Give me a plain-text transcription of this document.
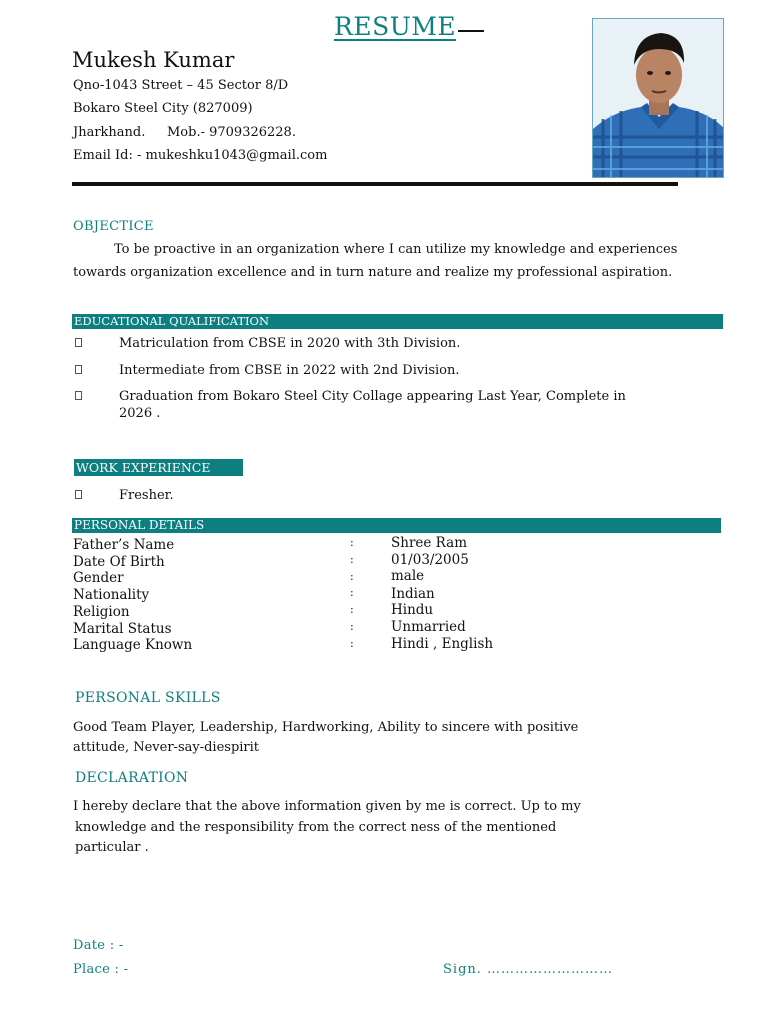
RESUME
Mukesh Kumar
Qno-1043 Street – 45 Sector 8/D
Bokaro Steel City (827009)
Jharkhand. Mob.- 9709326228.
Email Id: - mukeshku1043@gmail.com
OBJECTICE
To be proactive in an organization where I can utilize my knowledge and experiences
towards organization excellence and in turn nature and realize my professional aspiration.
EDUCATIONAL QUALIFICATION
Matriculation from CBSE in 2020 with 3th Division.
Intermediate from CBSE in 2022 with 2nd Division.
Graduation from Bokaro Steel City Collage appearing Last Year, Complete in
2026 .
WORK EXPERIENCE
Fresher.
PERSONAL DETAILS
Father’s Name	:	Shree Ram
Date Of Birth	:	01/03/2005
Gender	:	male
Nationality	:	Indian
Religion	:	Hindu
Marital Status	:	Unmarried
Language Known	:	Hindi , English
PERSONAL SKILLS
Good Team Player, Leadership, Hardworking, Ability to sincere with positive
attitude, Never-say-diespirit
DECLARATION
I hereby declare that the above information given by me is correct. Up to my
knowledge and the responsibility from the correct ness of the mentioned
particular .
Date : -
Place : -	Sign. ………………………
